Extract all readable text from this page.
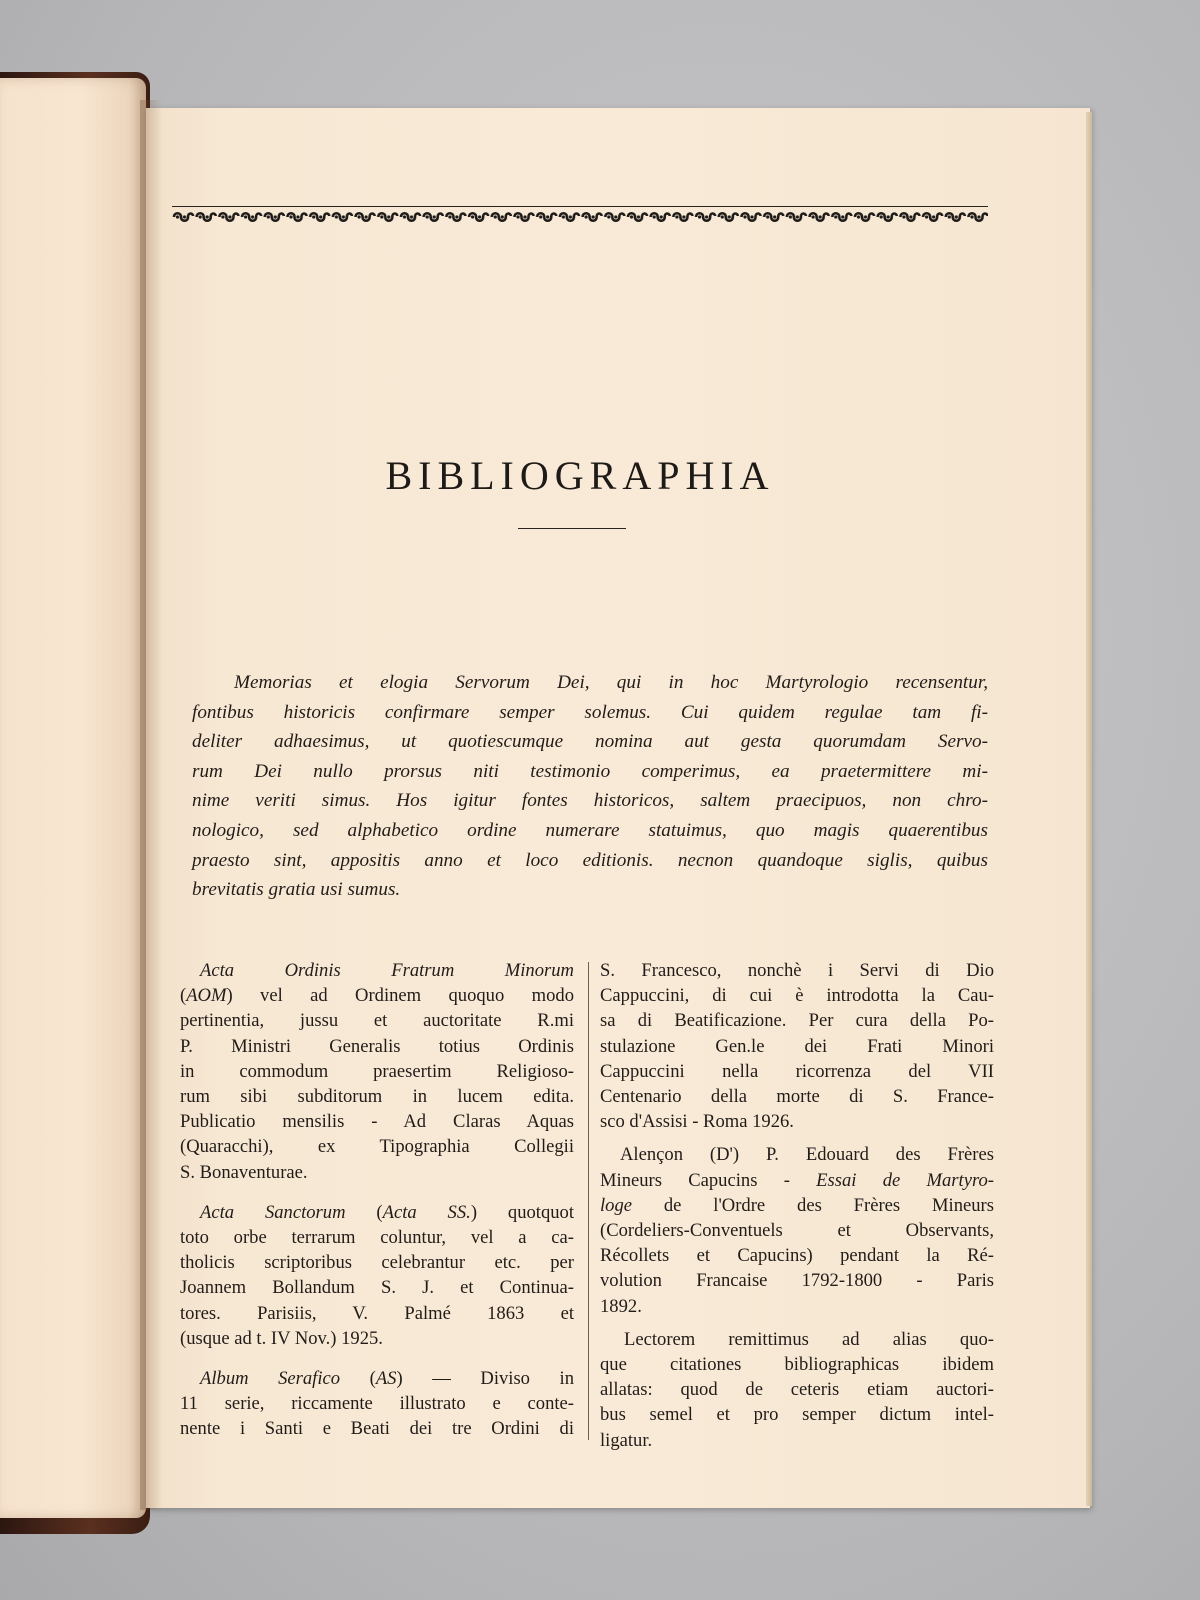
BIBLIOGRAPHIA

Memorias et elogia Servorum Dei, qui in hoc Martyrologio recensentur,
fontibus historicis confirmare semper solemus. Cui quidem regulae tam fi-
deliter adhaesimus, ut quotiescumque nomina aut gesta quorumdam Servo-
rum Dei nullo prorsus niti testimonio comperimus, ea praetermittere mi-
nime veriti simus. Hos igitur fontes historicos, saltem praecipuos, non chro-
nologico, sed alphabetico ordine numerare statuimus, quo magis quaerentibus
praesto sint, appositis anno et loco editionis. necnon quandoque siglis, quibus
brevitatis gratia usi sumus.

Acta Ordinis Fratrum Minorum
(AOM) vel ad Ordinem quoquo modo
pertinentia, jussu et auctoritate R.mi
P. Ministri Generalis totius Ordinis
in commodum praesertim Religioso-
rum sibi subditorum in lucem edita.
Publicatio mensilis - Ad Claras Aquas
(Quaracchi), ex Tipographia Collegii
S. Bonaventurae.
Acta Sanctorum (Acta SS.) quotquot
toto orbe terrarum coluntur, vel a ca-
tholicis scriptoribus celebrantur etc. per
Joannem Bollandum S. J. et Continua-
tores. Parisiis, V. Palmé 1863 et
(usque ad t. IV Nov.) 1925.
Album Serafico (AS) — Diviso in
11 serie, riccamente illustrato e conte-
nente i Santi e Beati dei tre Ordini di
S. Francesco, nonchè i Servi di Dio
Cappuccini, di cui è introdotta la Cau-
sa di Beatificazione. Per cura della Po-
stulazione Gen.le dei Frati Minori
Cappuccini nella ricorrenza del VII
Centenario della morte di S. France-
sco d'Assisi - Roma 1926.
Alençon (D') P. Edouard des Frères
Mineurs Capucins - Essai de Martyro-
loge de l'Ordre des Frères Mineurs
(Cordeliers-Conventuels et Observants,
Récollets et Capucins) pendant la Ré-
volution Francaise 1792-1800 - Paris
1892.
Lectorem remittimus ad alias quo-
que citationes bibliographicas ibidem
allatas: quod de ceteris etiam auctori-
bus semel et pro semper dictum intel-
ligatur.
